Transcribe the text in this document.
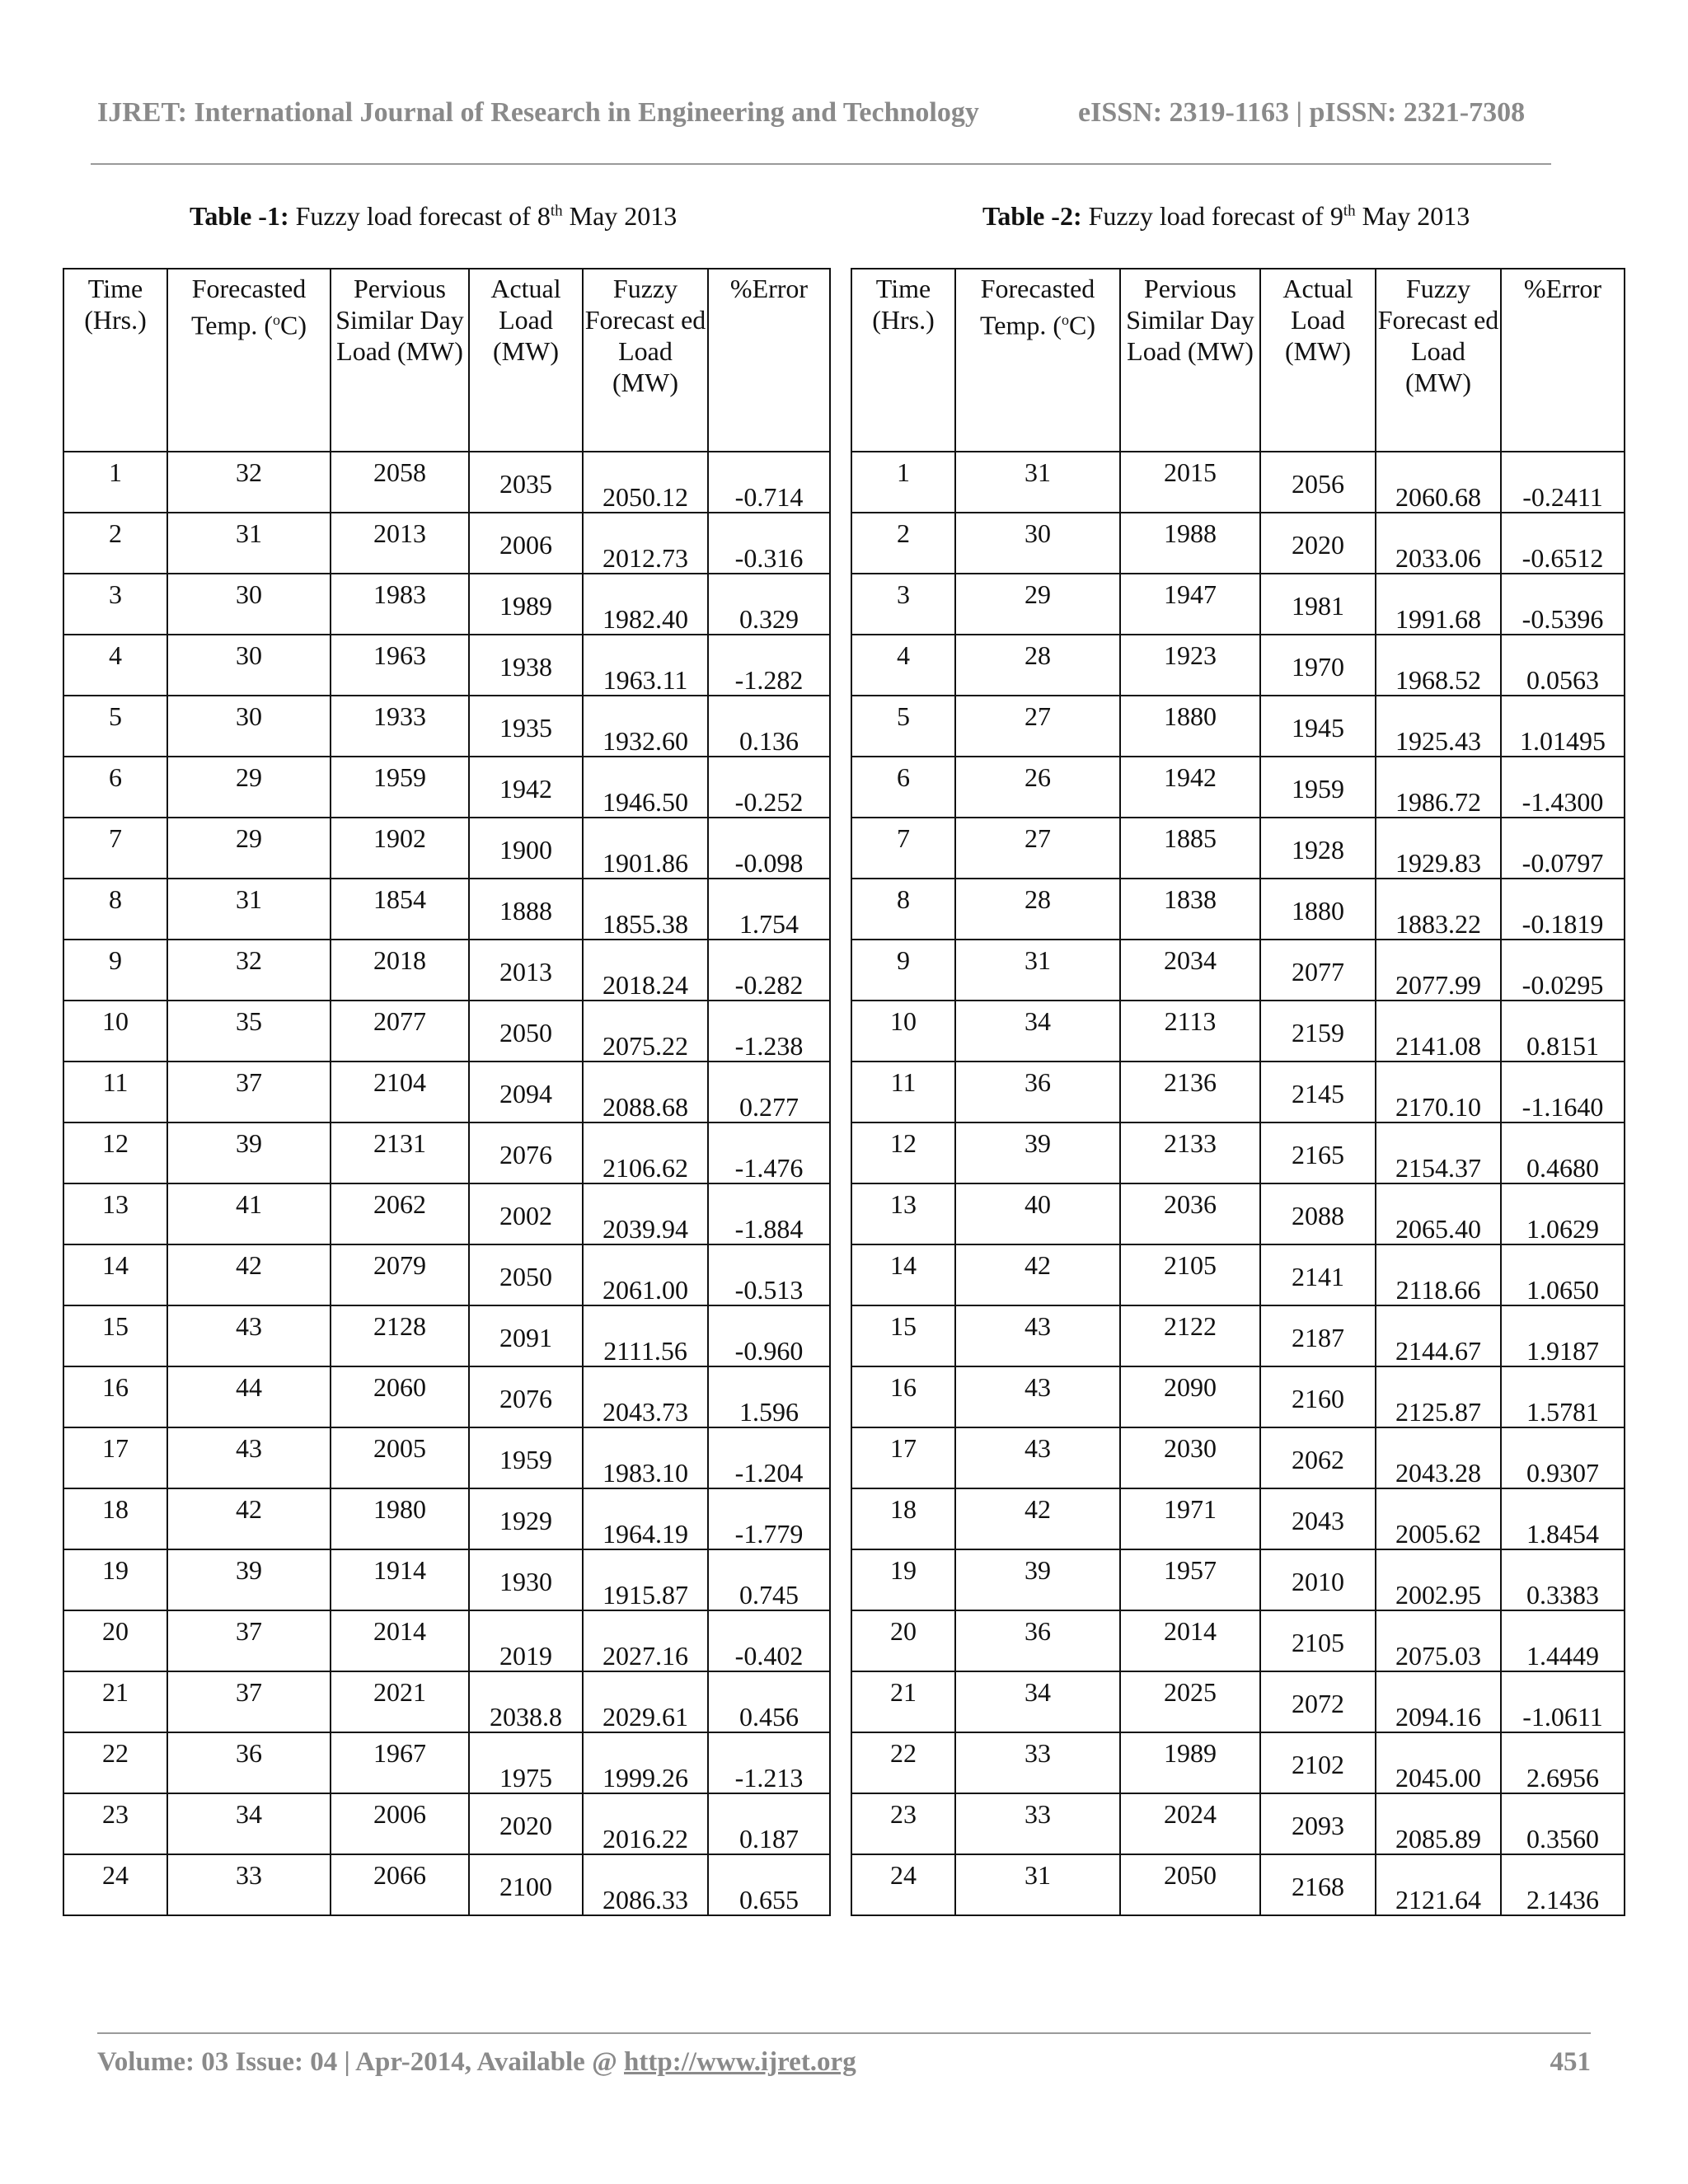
IJRET: International Journal of Research in Engineering and Technology	eISSN: 2319-1163 | pISSN: 2321-7308
Table -1: Fuzzy load forecast of 8th May 2013	Table -2: Fuzzy load forecast of 9th May 2013
Time (Hrs.)	Forecasted Temp. ($^o$C)	Pervious Similar Day Load (MW)	Actual Load (MW)	Fuzzy Forecast ed Load (MW)	%Error

1	32	2058	2035	2050.12	-0.714

2	31	2013	2006	2012.73	-0.316

3	30	1983	1989	1982.40	0.329

4	30	1963	1938	1963.11	-1.282

5	30	1933	1935	1932.60	0.136

6	29	1959	1942	1946.50	-0.252

7	29	1902	1900	1901.86	-0.098

8	31	1854	1888	1855.38	1.754

9	32	2018	2013	2018.24	-0.282

10	35	2077	2050	2075.22	-1.238

11	37	2104	2094	2088.68	0.277

12	39	2131	2076	2106.62	-1.476

13	41	2062	2002	2039.94	-1.884

14	42	2079	2050	2061.00	-0.513

15	43	2128	2091	2111.56	-0.960

16	44	2060	2076	2043.73	1.596

17	43	2005	1959	1983.10	-1.204

18	42	1980	1929	1964.19	-1.779

19	39	1914	1930	1915.87	0.745

20	37	2014	2019	2027.16	-0.402

21	37	2021	2038.8	2029.61	0.456

22	36	1967	1975	1999.26	-1.213

23	34	2006	2020	2016.22	0.187

24	33	2066	2100	2086.33	0.655
Time (Hrs.)	Forecasted Temp. ($^o$C)	Pervious Similar Day Load (MW)	Actual Load (MW)	Fuzzy Forecast ed Load (MW)	%Error

1	31	2015	2056	2060.68	-0.2411

2	30	1988	2020	2033.06	-0.6512

3	29	1947	1981	1991.68	-0.5396

4	28	1923	1970	1968.52	0.0563

5	27	1880	1945	1925.43	1.01495

6	26	1942	1959	1986.72	-1.4300

7	27	1885	1928	1929.83	-0.0797

8	28	1838	1880	1883.22	-0.1819

9	31	2034	2077	2077.99	-0.0295

10	34	2113	2159	2141.08	0.8151

11	36	2136	2145	2170.10	-1.1640

12	39	2133	2165	2154.37	0.4680

13	40	2036	2088	2065.40	1.0629

14	42	2105	2141	2118.66	1.0650

15	43	2122	2187	2144.67	1.9187

16	43	2090	2160	2125.87	1.5781

17	43	2030	2062	2043.28	0.9307

18	42	1971	2043	2005.62	1.8454

19	39	1957	2010	2002.95	0.3383

20	36	2014	2105	2075.03	1.4449

21	34	2025	2072	2094.16	-1.0611

22	33	1989	2102	2045.00	2.6956

23	33	2024	2093	2085.89	0.3560

24	31	2050	2168	2121.64	2.1436
Volume: 03 Issue: 04 | Apr-2014, Available @ http://www.ijret.org	451
